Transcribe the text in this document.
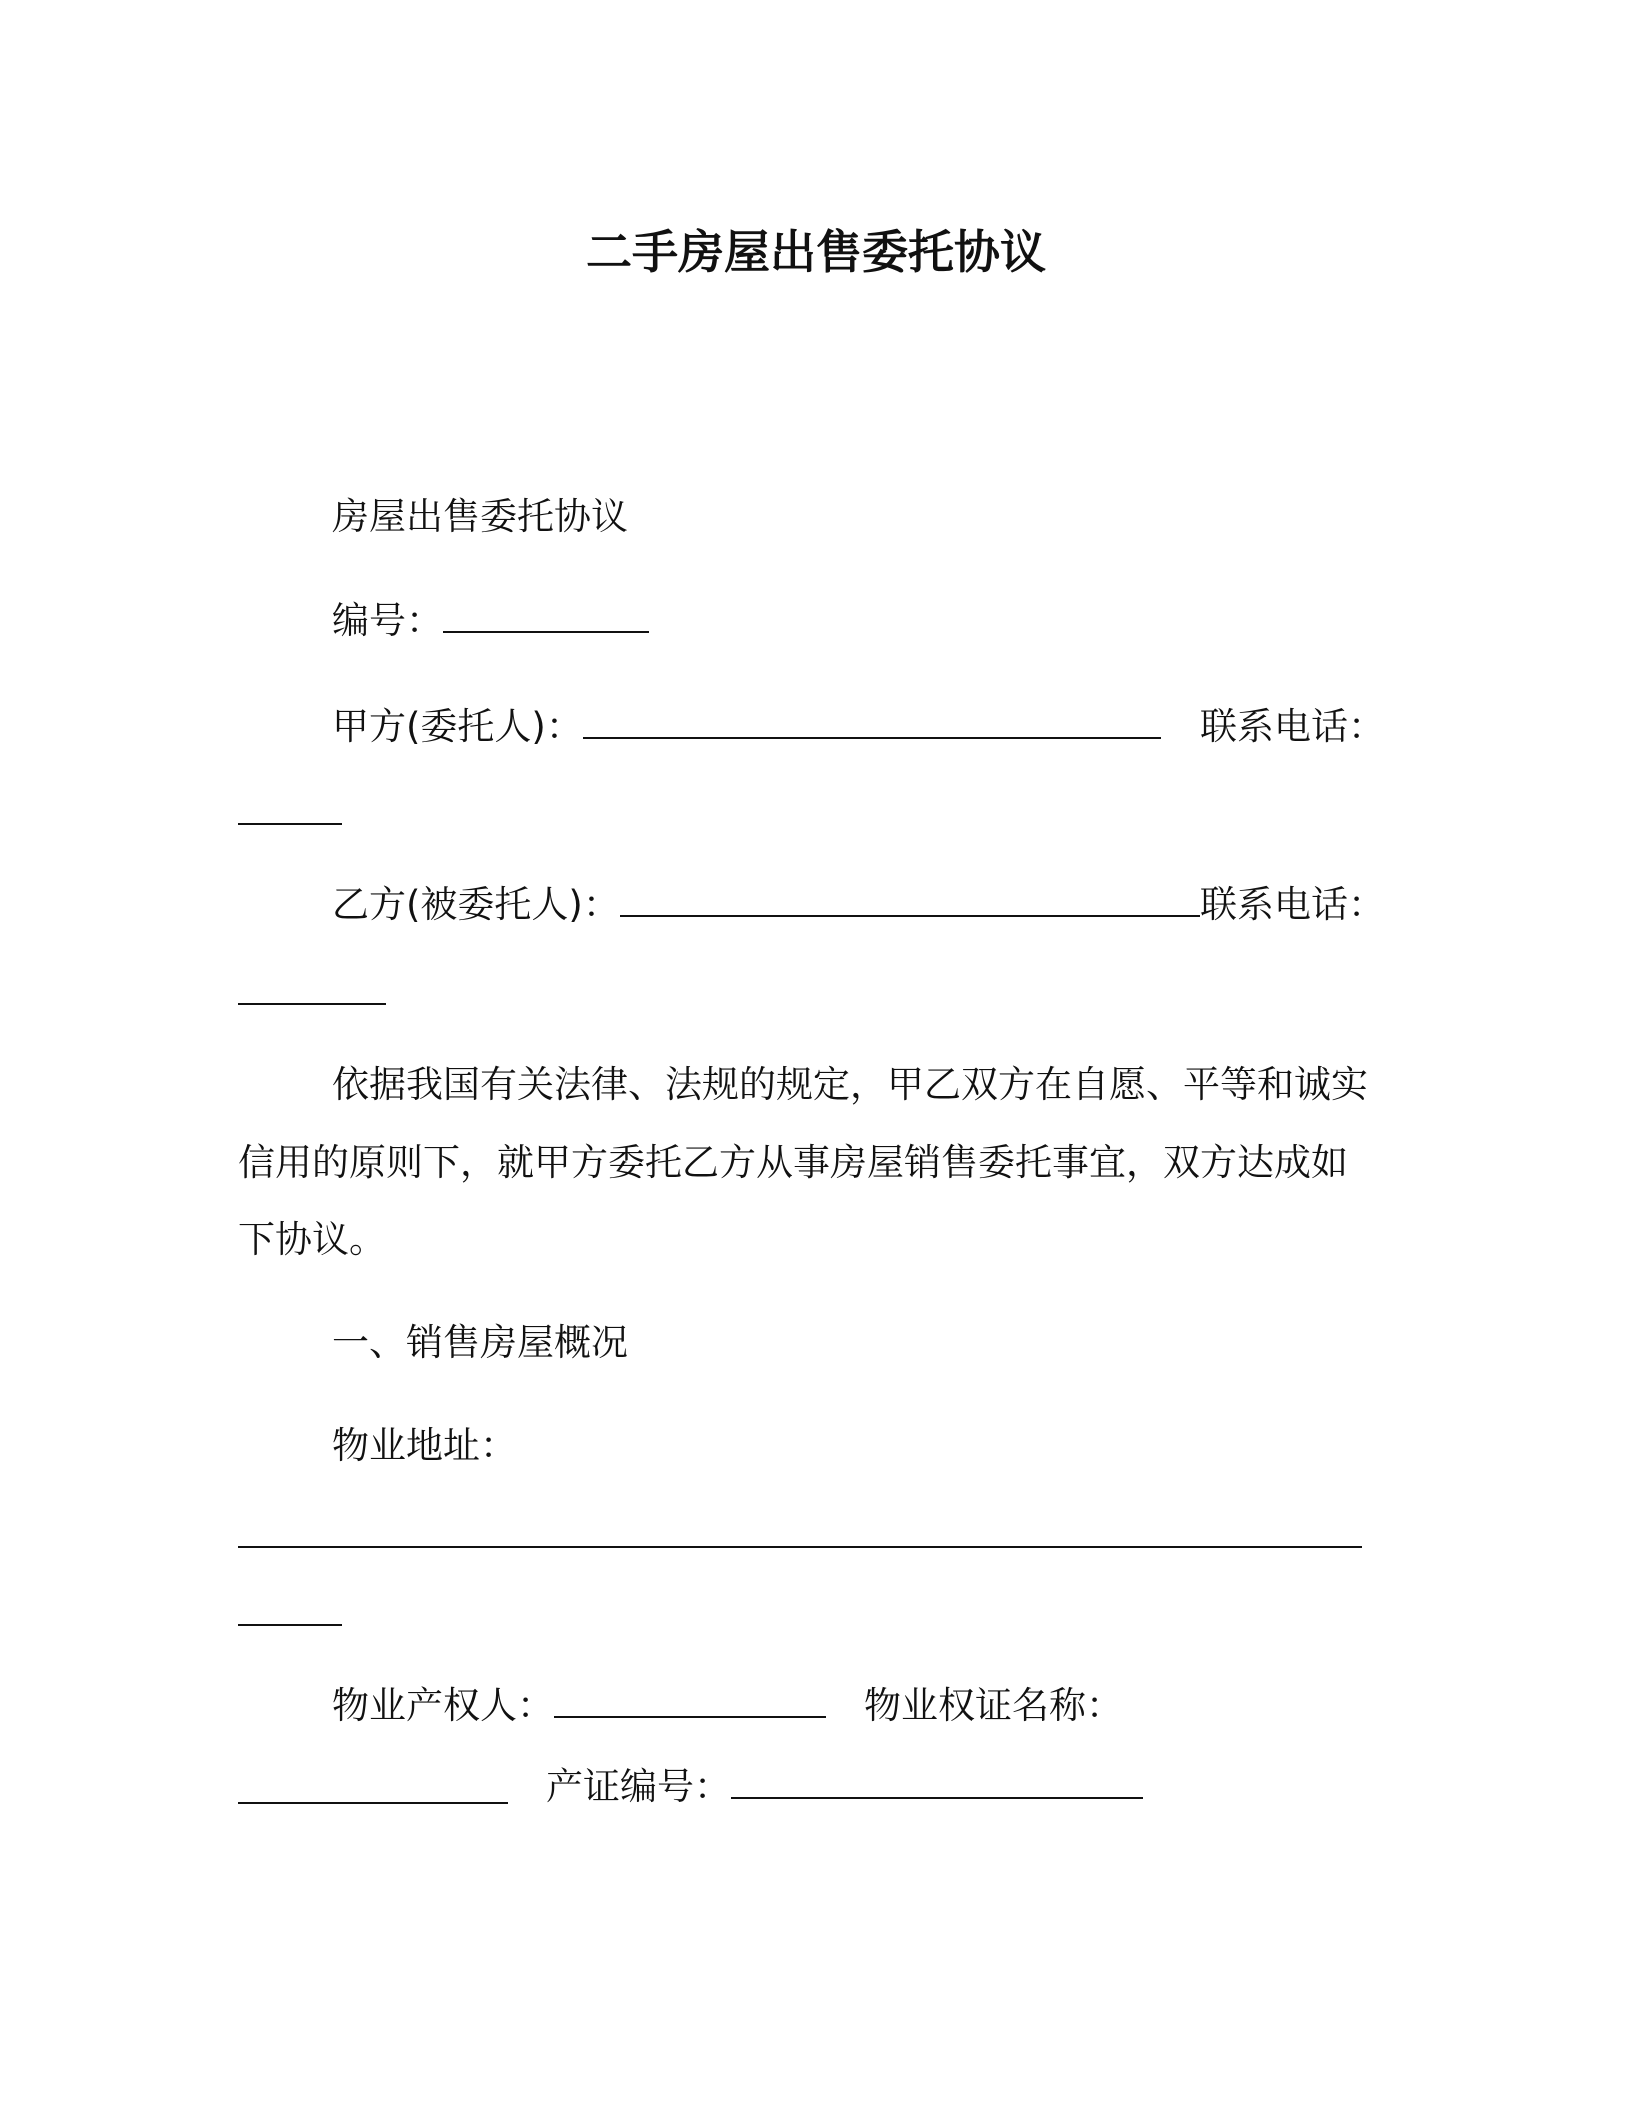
二手房屋出售委托协议
房屋出售委托协议
编号：
甲方(委托人)：	联系电话：
乙方(被委托人)：	联系电话：
依据我国有关法律、法规的规定，甲乙双方在自愿、平等和诚实
信用的原则下，就甲方委托乙方从事房屋销售委托事宜，双方达成如
下协议。
一、销售房屋概况
物业地址：
物业产权人：	物业权证名称：
产证编号：
